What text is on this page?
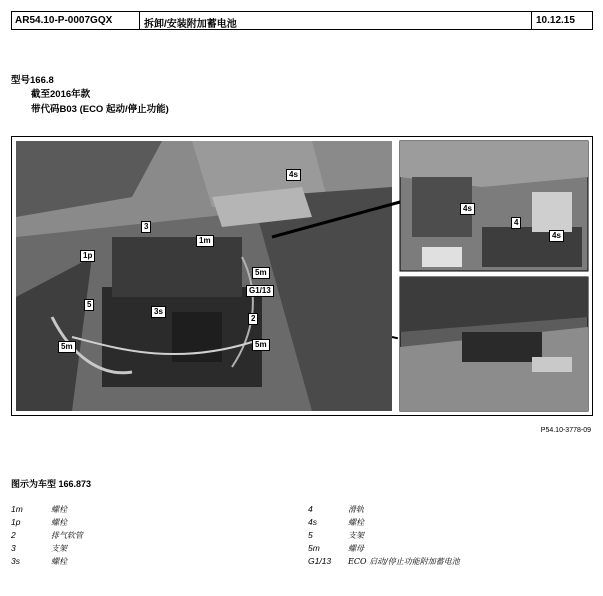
AR54.10-P-0007GQX	拆卸/安装附加蓄电池	10.12.15
型号166.8
截至2016年款
带代码B03 (ECO 起动/停止功能)
3
1m
1p
5m
G1/13
3s
5
2
5m	5m
4s
4s
4
4s
P54.10-3778-09
图示为车型 166.873
1m	螺栓
1p	螺栓
2	排气软管
3	支架
3s	螺栓
4	滑轨
4s	螺栓
5	支架
5m	螺母
G1/13	ECO 启动/停止功能附加蓄电池
